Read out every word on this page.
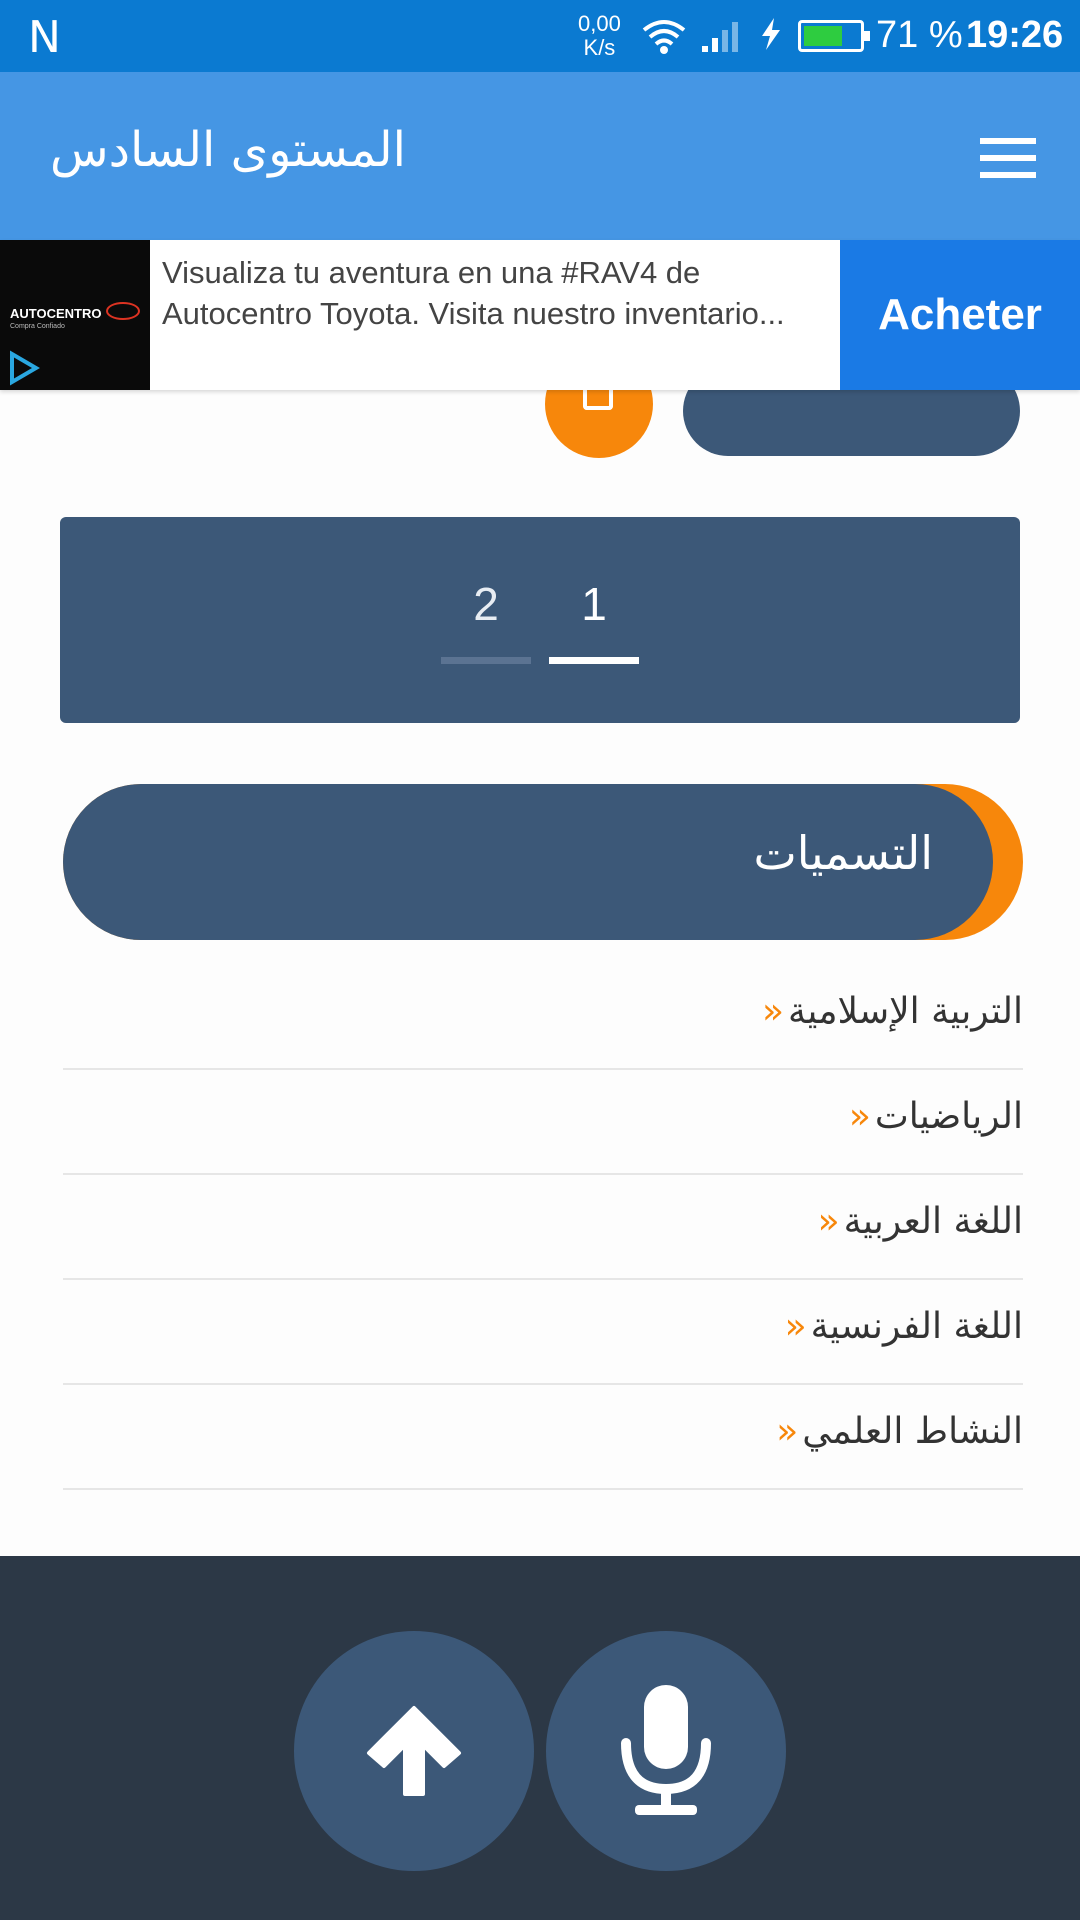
N	0,00
K/s	71 % 19:26
المستوى السادس
AUTOCENTRO
Compra Confiado
Visualiza tu aventura en una #RAV4 de Autocentro Toyota. Visita nuestro inventario...	Acheter
2	1
التسميات
» التربية الإسلامية
» الرياضيات
» اللغة العربية
» اللغة الفرنسية
» النشاط العلمي
